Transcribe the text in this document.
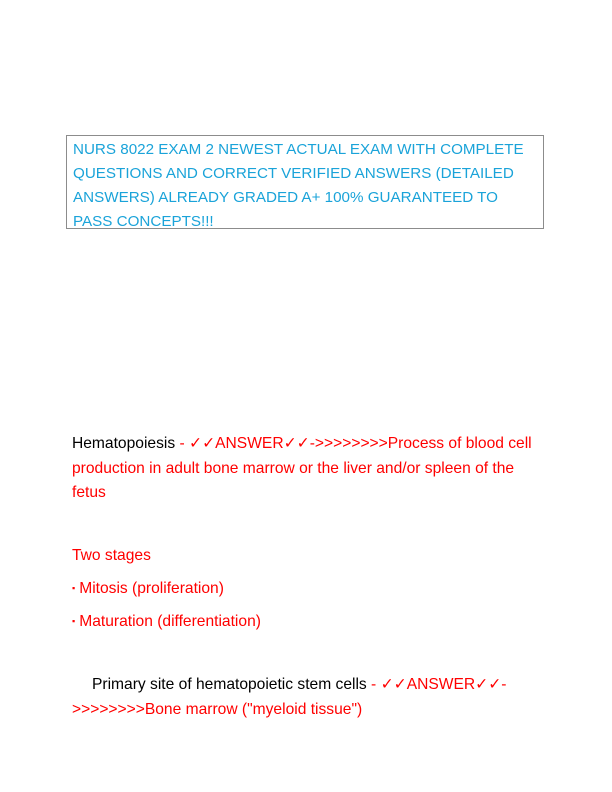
NURS 8022 EXAM 2 NEWEST ACTUAL EXAM WITH COMPLETE QUESTIONS AND CORRECT VERIFIED ANSWERS (DETAILED ANSWERS) ALREADY GRADED A+ 100% GUARANTEED TO PASS CONCEPTS!!!
Hematopoiesis - ✓✓ANSWER✓✓->>>>>>>>Process of blood cell production in adult bone marrow or the liver and/or spleen of the fetus
Two stages
▪ Mitosis (proliferation)
▪ Maturation (differentiation)
Primary site of hematopoietic stem cells - ✓✓ANSWER✓✓->>>>>>>>Bone marrow ("myeloid tissue")
